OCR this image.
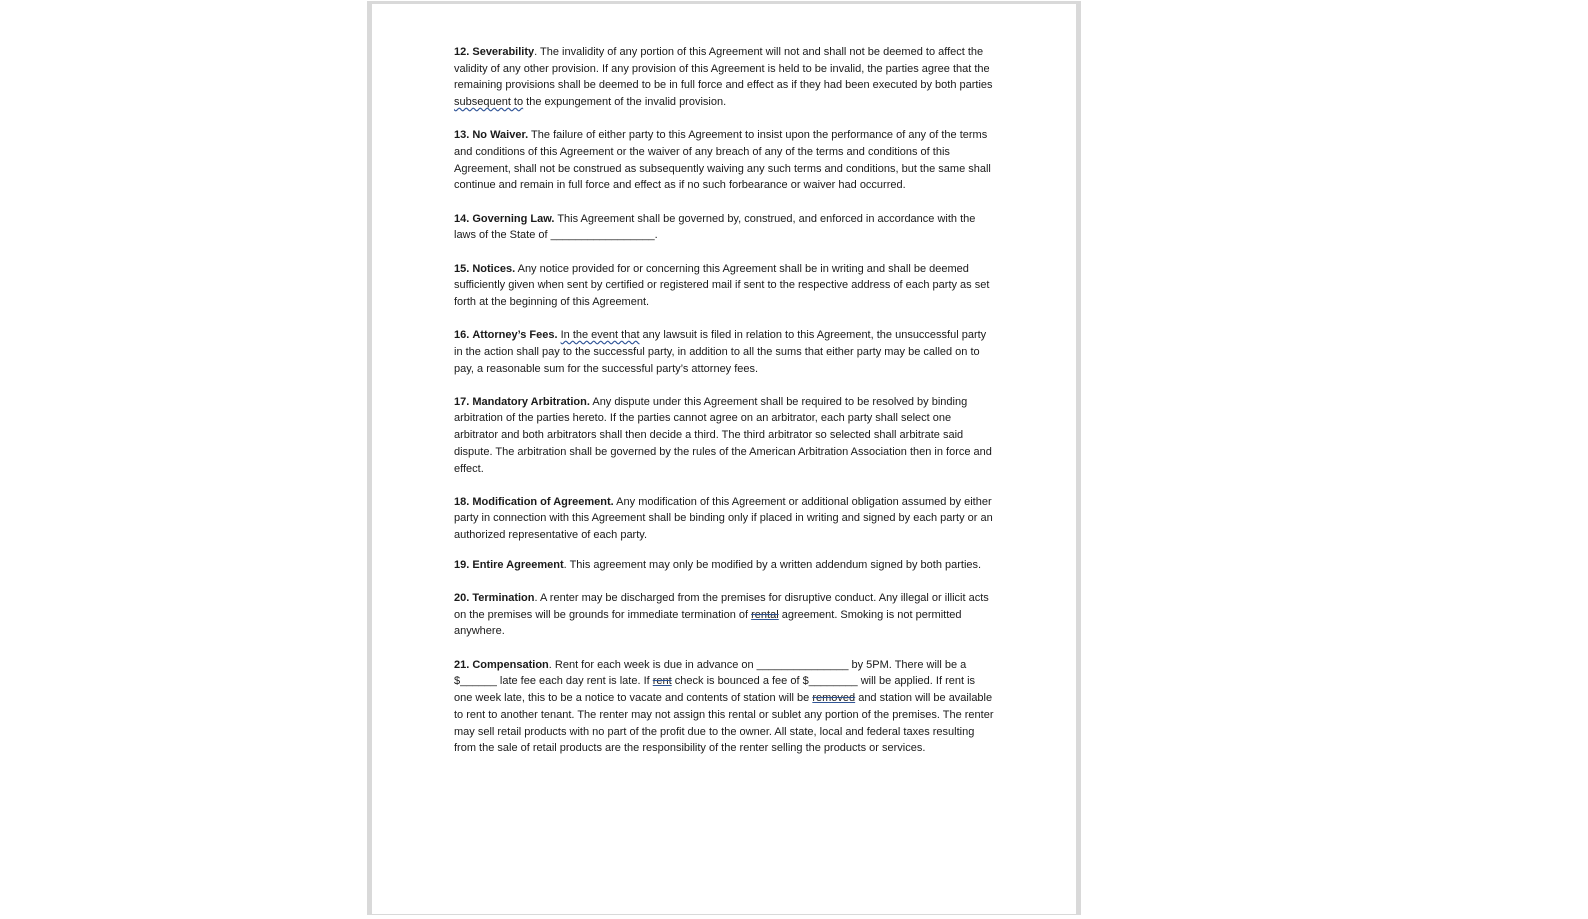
12. Severability. The invalidity of any portion of this Agreement will not and shall not be deemed to affect the validity of any other provision. If any provision of this Agreement is held to be invalid, the parties agree that the remaining provisions shall be deemed to be in full force and effect as if they had been executed by both parties subsequent to the expungement of the invalid provision.

13. No Waiver. The failure of either party to this Agreement to insist upon the performance of any of the terms and conditions of this Agreement or the waiver of any breach of any of the terms and conditions of this Agreement, shall not be construed as subsequently waiving any such terms and conditions, but the same shall continue and remain in full force and effect as if no such forbearance or waiver had occurred.

14. Governing Law. This Agreement shall be governed by, construed, and enforced in accordance with the laws of the State of _________________.

15. Notices. Any notice provided for or concerning this Agreement shall be in writing and shall be deemed sufficiently given when sent by certified or registered mail if sent to the respective address of each party as set forth at the beginning of this Agreement.

16. Attorney’s Fees. In the event that any lawsuit is filed in relation to this Agreement, the unsuccessful party in the action shall pay to the successful party, in addition to all the sums that either party may be called on to pay, a reasonable sum for the successful party’s attorney fees.

17. Mandatory Arbitration. Any dispute under this Agreement shall be required to be resolved by binding arbitration of the parties hereto. If the parties cannot agree on an arbitrator, each party shall select one arbitrator and both arbitrators shall then decide a third. The third arbitrator so selected shall arbitrate said dispute. The arbitration shall be governed by the rules of the American Arbitration Association then in force and effect.

18. Modification of Agreement. Any modification of this Agreement or additional obligation assumed by either party in connection with this Agreement shall be binding only if placed in writing and signed by each party or an authorized representative of each party.

19. Entire Agreement. This agreement may only be modified by a written addendum signed by both parties.

20. Termination. A renter may be discharged from the premises for disruptive conduct. Any illegal or illicit acts on the premises will be grounds for immediate termination of rental agreement. Smoking is not permitted anywhere.

21. Compensation. Rent for each week is due in advance on _______________ by 5PM. There will be a $______ late fee each day rent is late. If rent check is bounced a fee of $________ will be applied. If rent is one week late, this to be a notice to vacate and contents of station will be removed and station will be available to rent to another tenant. The renter may not assign this rental or sublet any portion of the premises. The renter may sell retail products with no part of the profit due to the owner. All state, local and federal taxes resulting from the sale of retail products are the responsibility of the renter selling the products or services.
